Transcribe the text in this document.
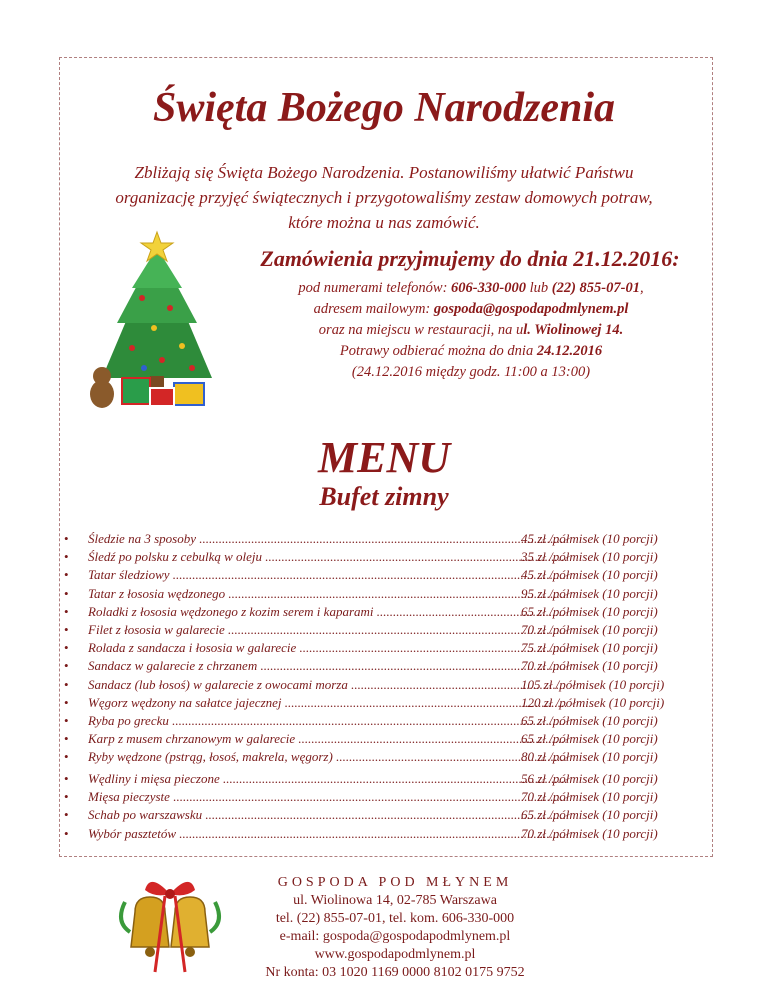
Święta Bożego Narodzenia
Zbliżają się Święta Bożego Narodzenia. Postanowiliśmy ułatwić Państwu organizację przyjęć świątecznych i przygotowaliśmy zestaw domowych potraw, które można u nas zamówić.
Zamówienia przyjmujemy do dnia 21.12.2016:
pod numerami telefonów: 606-330-000 lub (22) 855-07-01,
adresem mailowym: gospoda@gospodapodmlynem.pl
oraz na miejscu w restauracji, na ul. Wiolinowej 14.
Potrawy odbierać można do dnia 24.12.2016
(24.12.2016 między godz. 11:00 a 13:00)
MENU
Bufet zimny
• Śledzie na 3 sposoby .....	45 zł /półmisek (10 porcji)
• Śledź po polsku z cebulką w oleju .....	35 zł /półmisek (10 porcji)
• Tatar śledziowy .....	45 zł /półmisek (10 porcji)
• Tatar z łososia wędzonego .....	95 zł /półmisek (10 porcji)
• Roladki z łososia wędzonego z kozim serem i kaparami .....	65 zł /półmisek (10 porcji)
• Filet z łososia w galarecie .....	70 zł /półmisek (10 porcji)
• Rolada z sandacza i łososia w galarecie .....	75 zł /półmisek (10 porcji)
• Sandacz w galarecie z chrzanem .....	70 zł /półmisek (10 porcji)
• Sandacz (lub łosoś) w galarecie z owocami morza .....	105 zł /półmisek (10 porcji)
• Węgorz wędzony na sałatce jajecznej .....	120 zł /półmisek (10 porcji)
• Ryba po grecku .....	65 zł /półmisek (10 porcji)
• Karp z musem chrzanowym w galarecie .....	65 zł /półmisek (10 porcji)
• Ryby wędzone (pstrąg, łosoś, makrela, węgorz) .....	80 zł /półmisek (10 porcji)
• Wędliny i mięsa pieczone .....	56 zł /półmisek (10 porcji)
• Mięsa pieczyste .....	70 zł /półmisek (10 porcji)
• Schab po warszawsku .....	65 zł /półmisek (10 porcji)
• Wybór pasztetów .....	70 zł /półmisek (10 porcji)
GOSPODA POD MŁYNEM
ul. Wiolinowa 14, 02-785 Warszawa
tel. (22) 855-07-01, tel. kom. 606-330-000
e-mail: gospoda@gospodapodmlynem.pl
www.gospodapodmlynem.pl
Nr konta: 03 1020 1169 0000 8102 0175 9752
